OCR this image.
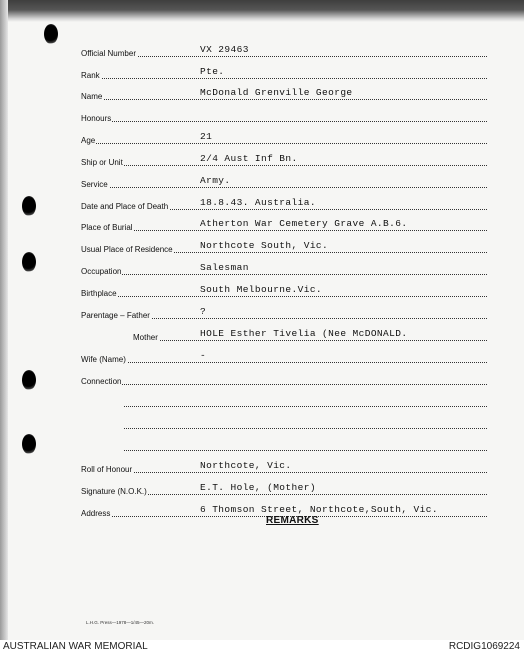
Official Number	VX 29463
Rank	Pte.
Name	McDonald Grenville George
Honours
Age	21
Ship or Unit	2/4 Aust Inf Bn.
Service	Army.
Date and Place of Death	18.8.43. Australia.
Place of Burial	Atherton War Cemetery Grave A.B.6.
Usual Place of Residence	Northcote South, Vic.
Occupation	Salesman
Birthplace	South Melbourne.Vic.
Parentage – Father	?
Mother	HOLE Esther Tivelia (Nee McDONALD.
Wife (Name)	-
Connection
Roll of Honour	Northcote, Vic.
Signature (N.O.K.)	E.T. Hole, (Mother)
Address	6 Thomson Street, Northcote,South, Vic.
REMARKS
L.H.G. Press—1978—1/45—20m.
AUSTRALIAN WAR MEMORIAL	RCDIG1069224
